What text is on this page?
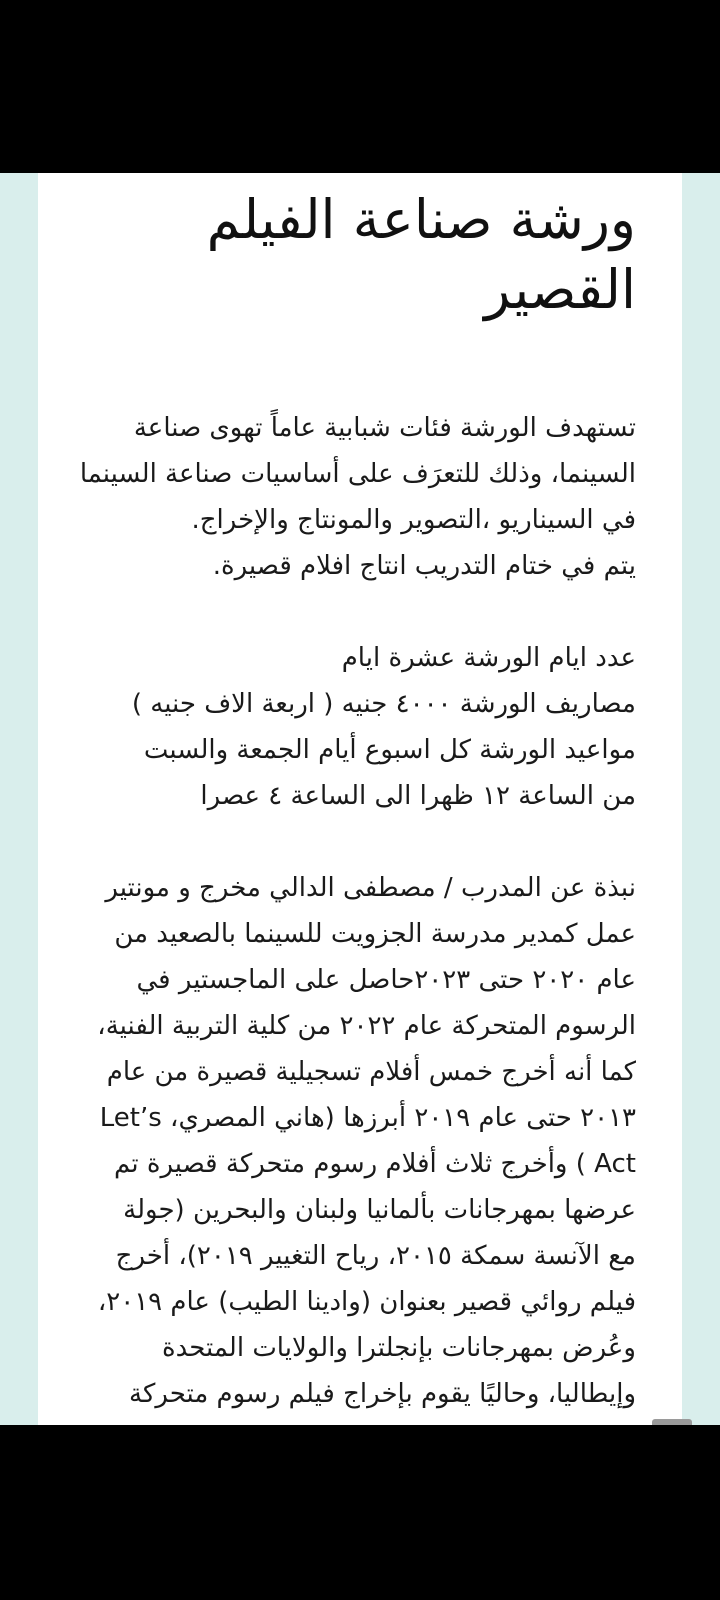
ورشة صناعة الفيلم القصير

تستهدف الورشة فئات شبابية عاماً تهوى صناعة
السينما، وذلك للتعرَف على أساسيات صناعة السينما
في السيناريو ،التصوير والمونتاج والإخراج.
يتم في ختام التدريب انتاج افلام قصيرة.

عدد ايام الورشة عشرة ايام
مصاريف الورشة ٤٠٠٠ جنيه ( اربعة الاف جنيه )
مواعيد الورشة كل اسبوع أيام الجمعة والسبت
من الساعة ١٢ ظهرا الى الساعة ٤ عصرا

نبذة عن المدرب / مصطفى الدالي مخرج و مونتير
عمل كمدير مدرسة الجزويت للسينما بالصعيد من
عام ٢٠٢٠ حتى ٢٠٢٣حاصل على الماجستير في
الرسوم المتحركة عام ٢٠٢٢ من كلية التربية الفنية،
كما أنه أخرج خمس أفلام تسجيلية قصيرة من عام
٢٠١٣ حتى عام ٢٠١٩ أبرزها (هاني المصري، Let’s
Act ) وأخرج ثلاث أفلام رسوم متحركة قصيرة تم
عرضها بمهرجانات بألمانيا ولبنان والبحرين (جولة
مع الآنسة سمكة ٢٠١٥، رياح التغيير ٢٠١٩)، أخرج
فيلم روائي قصير بعنوان (وادينا الطيب) عام ٢٠١٩،
وعُرض بمهرجانات بإنجلترا والولايات المتحدة
وإيطاليا، وحاليًا يقوم بإخراج فيلم رسوم متحركة
